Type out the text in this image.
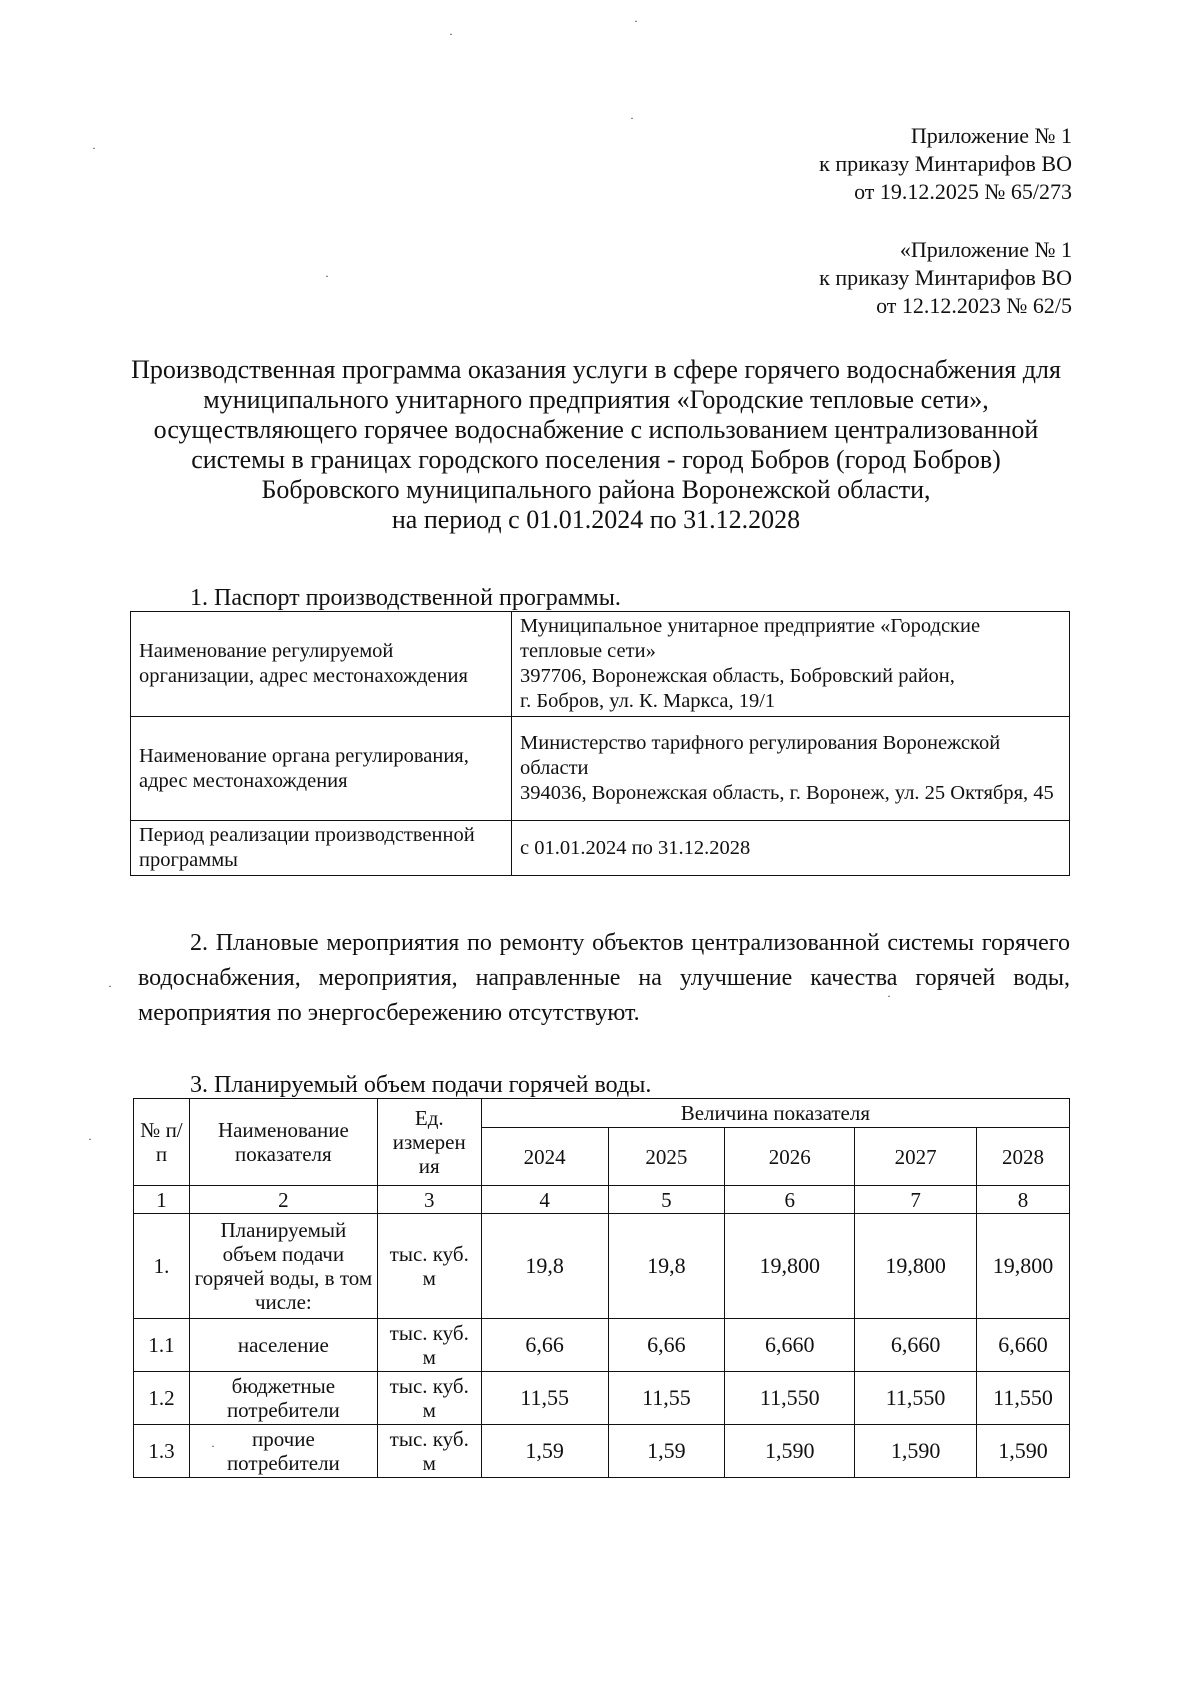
·
·
·
·
·
·
·
·
·
Приложение № 1
к приказу Минтарифов ВО
от 19.12.2025 № 65/273
«Приложение № 1
к приказу Минтарифов ВО
от 12.12.2023 № 62/5
Производственная программа оказания услуги в сфере горячего водоснабжения для
муниципального унитарного предприятия «Городские тепловые сети»,
осуществляющего горячее водоснабжение с использованием централизованной
системы в границах городского поселения - город Бобров (город Бобров)
Бобровского муниципального района Воронежской области,
на период с 01.01.2024 по 31.12.2028
1. Паспорт производственной программы.
Наименование регулируемой организации, адрес местонахождения	Муниципальное унитарное предприятие «Городские тепловые сети»
397706, Воронежская область, Бобровский район,
г. Бобров, ул. К. Маркса, 19/1

Наименование органа регулирования, адрес местонахождения	Министерство тарифного регулирования Воронежской области
394036, Воронежская область, г. Воронеж, ул. 25 Октября, 45

Период реализации производственной программы	с 01.01.2024 по 31.12.2028
2. Плановые мероприятия по ремонту объектов централизованной системы горячего водоснабжения, мероприятия, направленные на улучшение качества горячей воды, мероприятия по энергосбережению отсутствуют.
3. Планируемый объем подачи горячей воды.
№ п/п	Наименование показателя	Ед. измерен ия	Величина показателя				
			2024	2025	2026	2027	2028
1	2	3	4	5	6	7	8
1.	Планируемый объем подачи горячей воды, в том числе:	тыс. куб. м	19,8	19,8	19,800	19,800	19,800
1.1	население	тыс. куб. м	6,66	6,66	6,660	6,660	6,660
1.2	бюджетные потребители	тыс. куб. м	11,55	11,55	11,550	11,550	11,550
1.3	прочие потребители	тыс. куб. м	1,59	1,59	1,590	1,590	1,590
